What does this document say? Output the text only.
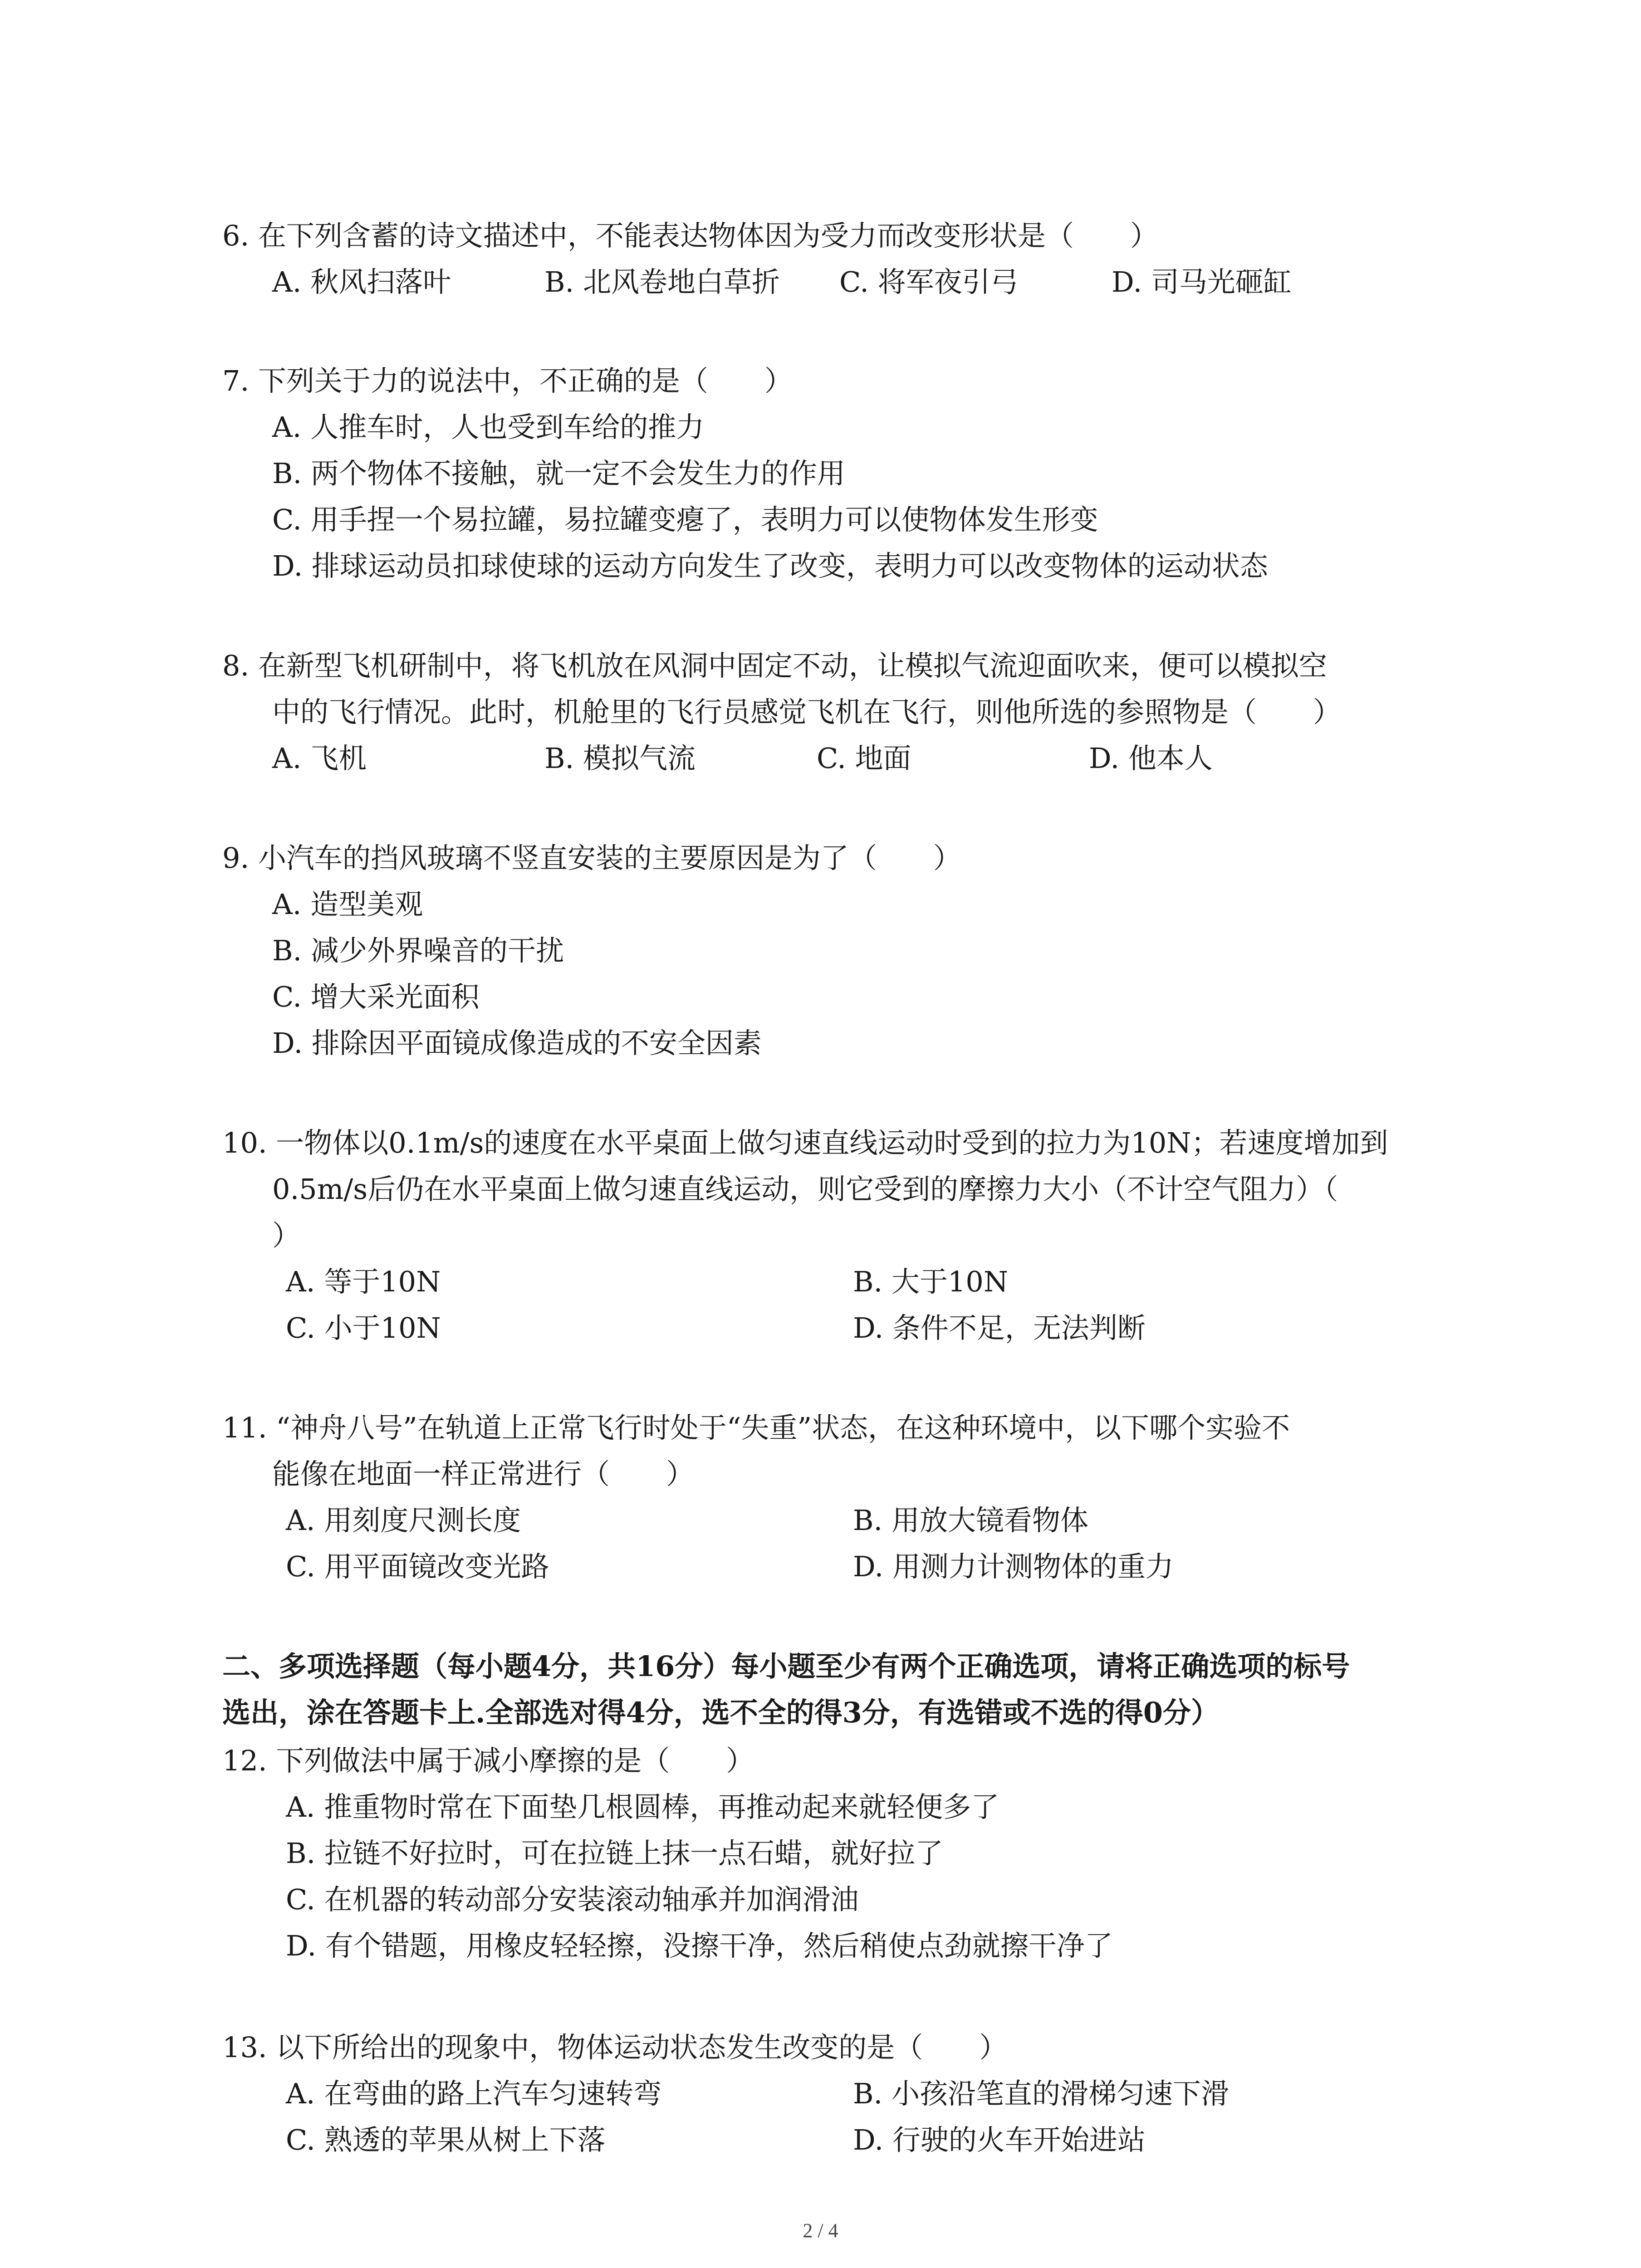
6. 在下列含蓄的诗文描述中，不能表达物体因为受力而改变形状是（　　）
A. 秋风扫落叶	B. 北风卷地白草折 C. 将军夜引弓	D. 司马光砸缸
7. 下列关于力的说法中，不正确的是（　　）
A. 人推车时，人也受到车给的推力
B. 两个物体不接触，就一定不会发生力的作用
C. 用手捏一个易拉罐，易拉罐变瘪了，表明力可以使物体发生形变
D. 排球运动员扣球使球的运动方向发生了改变，表明力可以改变物体的运动状态
8. 在新型飞机研制中，将飞机放在风洞中固定不动，让模拟气流迎面吹来，便可以模拟空
中的飞行情况。此时，机舱里的飞行员感觉飞机在飞行，则他所选的参照物是（　　）
A. 飞机	B. 模拟气流	C. 地面	D. 他本人
9. 小汽车的挡风玻璃不竖直安装的主要原因是为了（　　）
A. 造型美观
B. 减少外界噪音的干扰
C. 增大采光面积
D. 排除因平面镜成像造成的不安全因素
10. 一物体以0.1m/s的速度在水平桌面上做匀速直线运动时受到的拉力为10N；若速度增加到
0.5m/s后仍在水平桌面上做匀速直线运动，则它受到的摩擦力大小（不计空气阻力）（
）
A. 等于10N	B. 大于10N
C. 小于10N	D. 条件不足，无法判断
11. “神舟八号”在轨道上正常飞行时处于“失重”状态，在这种环境中，以下哪个实验不
能像在地面一样正常进行（　　）
A. 用刻度尺测长度	B. 用放大镜看物体
C. 用平面镜改变光路	D. 用测力计测物体的重力
二、多项选择题（每小题4分，共16分）每小题至少有两个正确选项，请将正确选项的标号
选出，涂在答题卡上.全部选对得4分，选不全的得3分，有选错或不选的得0分）
12. 下列做法中属于减小摩擦的是（　　）
A. 推重物时常在下面垫几根圆棒，再推动起来就轻便多了
B. 拉链不好拉时，可在拉链上抹一点石蜡，就好拉了
C. 在机器的转动部分安装滚动轴承并加润滑油
D. 有个错题，用橡皮轻轻擦，没擦干净，然后稍使点劲就擦干净了
13. 以下所给出的现象中，物体运动状态发生改变的是（　　）
A. 在弯曲的路上汽车匀速转弯	B. 小孩沿笔直的滑梯匀速下滑
C. 熟透的苹果从树上下落	D. 行驶的火车开始进站
2 / 4
